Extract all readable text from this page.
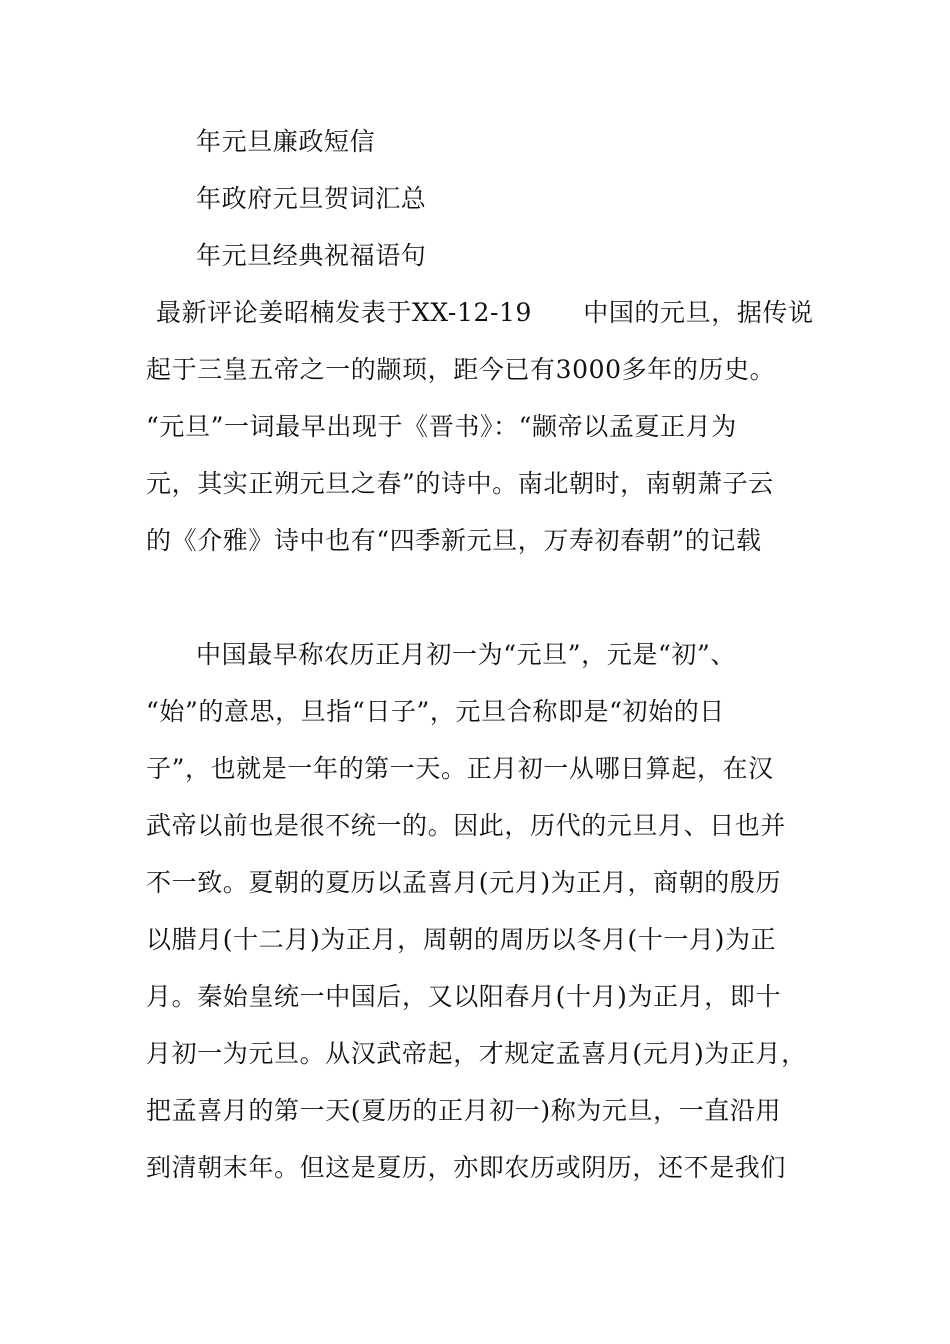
年元旦廉政短信
年政府元旦贺词汇总
年元旦经典祝福语句
最新评论姜昭楠发表于XX-12-19　　中国的元旦，据传说
起于三皇五帝之一的颛顼，距今已有3000多年的历史。
“元旦”一词最早出现于《晋书》：“颛帝以孟夏正月为
元，其实正朔元旦之春”的诗中。南北朝时，南朝萧子云
的《介雅》诗中也有“四季新元旦，万寿初春朝”的记载
中国最早称农历正月初一为“元旦”，元是“初”、
“始”的意思，旦指“日子”，元旦合称即是“初始的日
子”，也就是一年的第一天。正月初一从哪日算起，在汉
武帝以前也是很不统一的。因此，历代的元旦月、日也并
不一致。夏朝的夏历以孟喜月(元月)为正月，商朝的殷历
以腊月(十二月)为正月，周朝的周历以冬月(十一月)为正
月。秦始皇统一中国后，又以阳春月(十月)为正月，即十
月初一为元旦。从汉武帝起，才规定孟喜月(元月)为正月，
把孟喜月的第一天(夏历的正月初一)称为元旦，一直沿用
到清朝末年。但这是夏历，亦即农历或阴历，还不是我们
